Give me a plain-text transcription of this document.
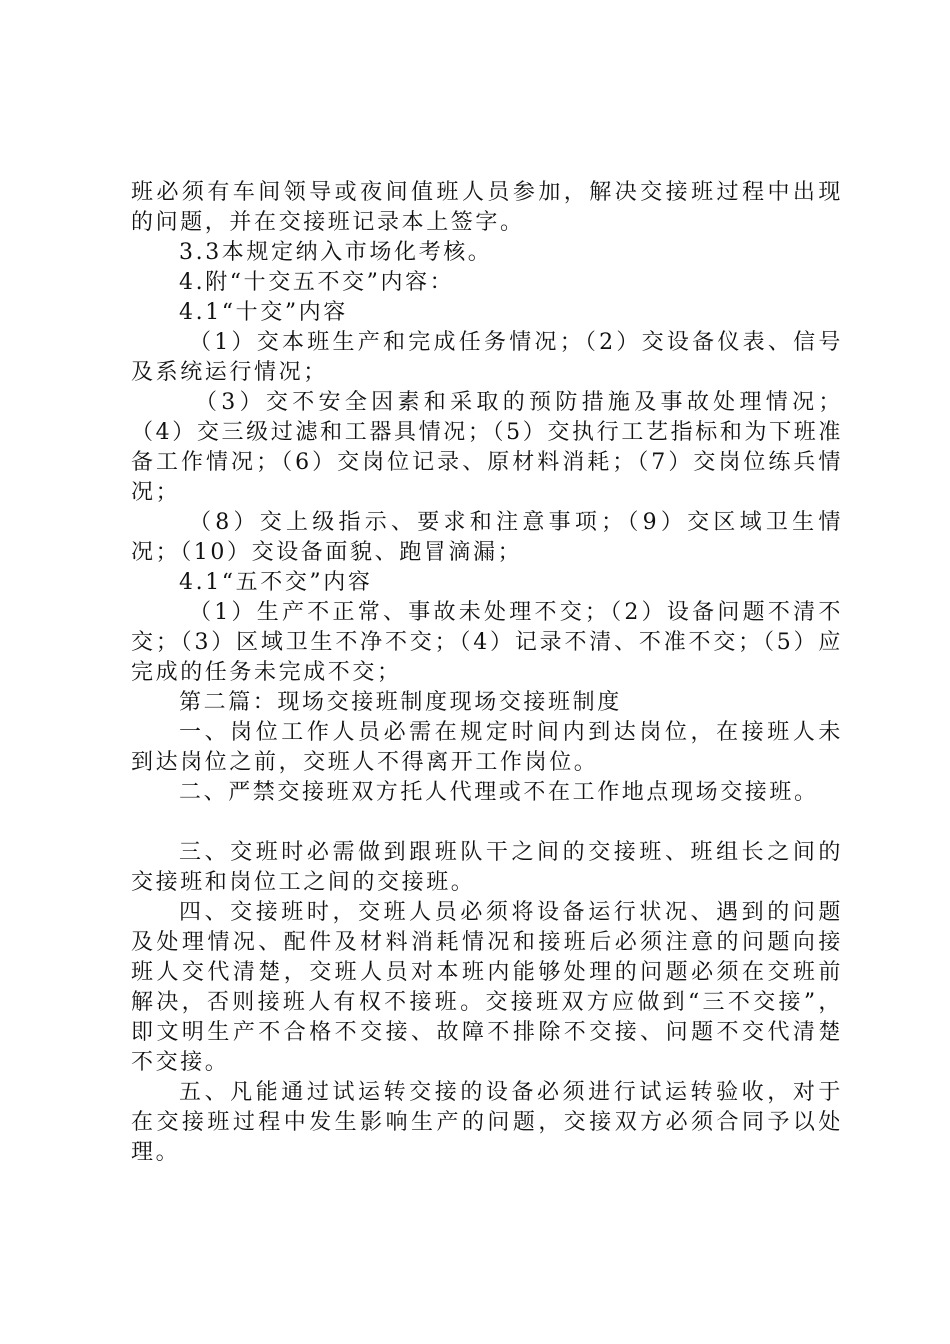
班必须有车间领导或夜间值班人员参加，解决交接班过程中出现的问题，并在交接班记录本上签字。

3.3本规定纳入市场化考核。

4.附“十交五不交”内容：

4.1“十交”内容

（1）交本班生产和完成任务情况；（2）交设备仪表、信号及系统运行情况；

（3）交不安全因素和采取的预防措施及事故处理情况；（4）交三级过滤和工器具情况；（5）交执行工艺指标和为下班准备工作情况；（6）交岗位记录、原材料消耗；（7）交岗位练兵情况；

（8）交上级指示、要求和注意事项；（9）交区域卫生情况；（10）交设备面貌、跑冒滴漏；

4.1“五不交”内容

（1）生产不正常、事故未处理不交；（2）设备问题不清不交；（3）区域卫生不净不交；（4）记录不清、不准不交；（5）应完成的任务未完成不交；

第二篇：现场交接班制度现场交接班制度

一、岗位工作人员必需在规定时间内到达岗位，在接班人未到达岗位之前，交班人不得离开工作岗位。

二、严禁交接班双方托人代理或不在工作地点现场交接班。

三、交班时必需做到跟班队干之间的交接班、班组长之间的交接班和岗位工之间的交接班。

四、交接班时，交班人员必须将设备运行状况、遇到的问题及处理情况、配件及材料消耗情况和接班后必须注意的问题向接班人交代清楚，交班人员对本班内能够处理的问题必须在交班前解决，否则接班人有权不接班。交接班双方应做到“三不交接”，即文明生产不合格不交接、故障不排除不交接、问题不交代清楚不交接。

五、凡能通过试运转交接的设备必须进行试运转验收，对于在交接班过程中发生影响生产的问题，交接双方必须合同予以处理。
